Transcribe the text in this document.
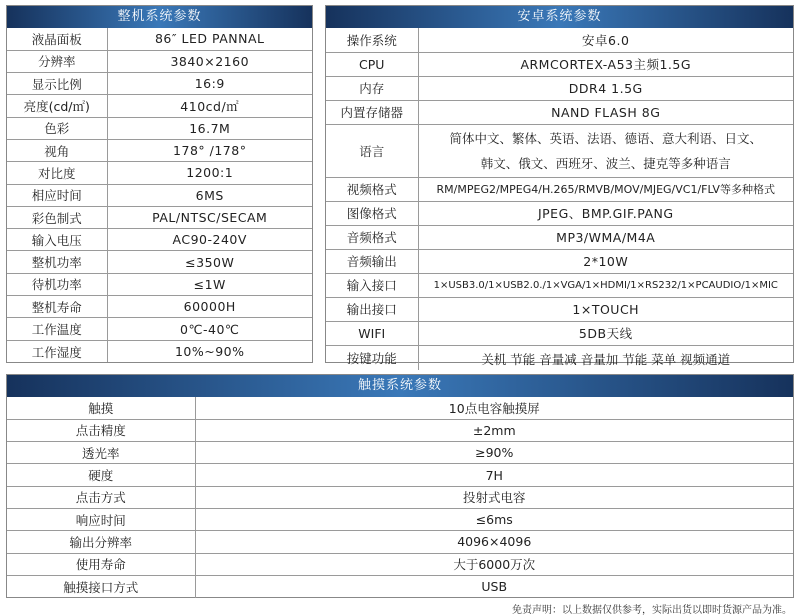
整机系统参数
液晶面板	86″ LED PANNAL
分辨率	3840×2160
显示比例	16:9
亮度(cd/㎡)	410cd/㎡
色彩	16.7M
视角	178° /178°
对比度	1200:1
相应时间	6MS
彩色制式	PAL/NTSC/SECAM
输入电压	AC90-240V
整机功率	≤350W
待机功率	≤1W
整机寿命	60000H
工作温度	0℃-40℃
工作湿度	10%~90%
安卓系统参数
操作系统	安卓6.0
CPU	ARMCORTEX-A53主频1.5G
内存	DDR4 1.5G
内置存储器	NAND FLASH 8G
语言	简体中文、繁体、英语、法语、德语、意大利语、日文、
韩文、俄文、西班牙、波兰、捷克等多种语言

视频格式	RM/MPEG2/MPEG4/H.265/RMVB/MOV/MJEG/VC1/FLV等多种格式
图像格式	JPEG、BMP.GIF.PANG
音频格式	MP3/WMA/M4A
音频输出	2*10W
输入接口	1×USB3.0/1×USB2.0./1×VGA/1×HDMI/1×RS232/1×PCAUDIO/1×MIC
输出接口	1×TOUCH
WIFI	5DB天线
按键功能	关机 节能 音量减 音量加 节能 菜单 视频通道
触摸系统参数
触摸	10点电容触摸屏
点击精度	±2mm
透光率	≥90%
硬度	7H
点击方式	投射式电容
响应时间	≤6ms
输出分辨率	4096×4096
使用寿命	大于6000万次
触摸接口方式	USB
免责声明：以上数据仅供参考，实际出货以即时货源产品为准。
